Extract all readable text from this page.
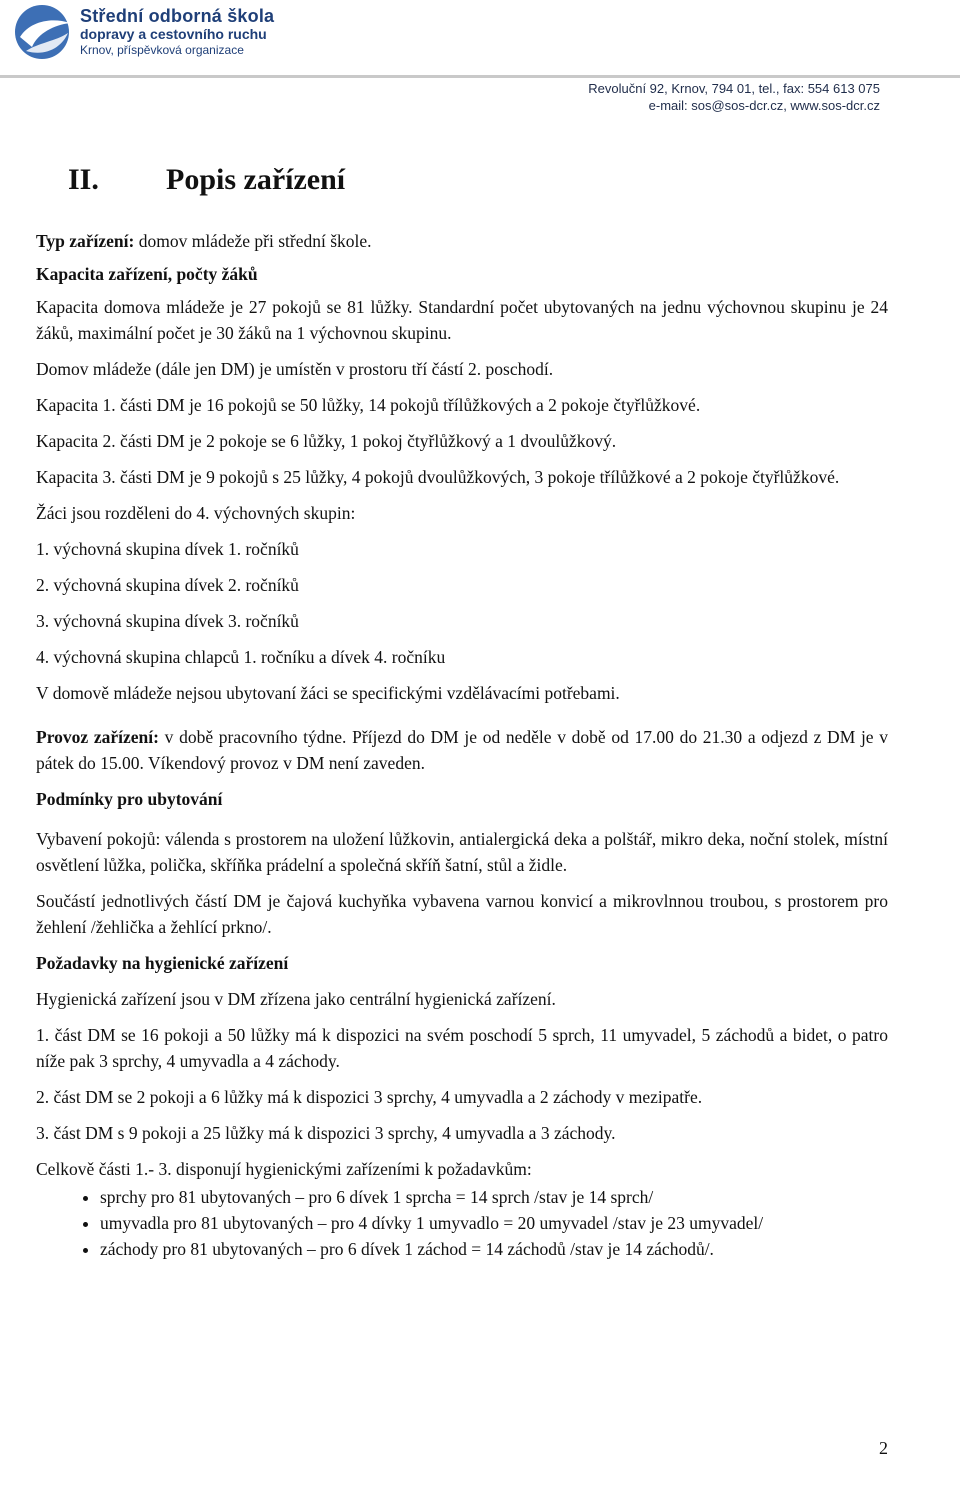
Střední odborná škola
dopravy a cestovního ruchu
Krnov, příspěvková organizace
Revoluční 92, Krnov, 794 01, tel., fax: 554 613 075
e-mail: sos@sos-dcr.cz, www.sos-dcr.cz
II. Popis zařízení

Typ zařízení: domov mládeže při střední škole.

Kapacita zařízení, počty žáků

Kapacita domova mládeže je 27 pokojů se 81 lůžky. Standardní počet ubytovaných na jednu výchovnou skupinu je 24 žáků, maximální počet je 30 žáků na 1 výchovnou skupinu.

Domov mládeže (dále jen DM) je umístěn v prostoru tří částí 2. poschodí.

Kapacita 1. části DM je 16 pokojů se 50 lůžky, 14 pokojů třílůžkových a 2 pokoje čtyřlůžkové.

Kapacita 2. části DM je 2 pokoje se 6 lůžky, 1 pokoj čtyřlůžkový a 1 dvoulůžkový.

Kapacita 3. části DM je 9 pokojů s 25 lůžky, 4 pokojů dvoulůžkových, 3 pokoje třílůžkové a 2 pokoje čtyřlůžkové.

Žáci jsou rozděleni do 4. výchovných skupin:

1. výchovná skupina dívek 1. ročníků

2. výchovná skupina dívek 2. ročníků

3. výchovná skupina dívek 3. ročníků

4. výchovná skupina chlapců 1. ročníku a dívek 4. ročníku

V domově mládeže nejsou ubytovaní žáci se specifickými vzdělávacími potřebami.

Provoz zařízení: v době pracovního týdne. Příjezd do DM je od neděle v době od 17.00 do 21.30 a odjezd z DM je v pátek do 15.00. Víkendový provoz v DM není zaveden.

Podmínky pro ubytování

Vybavení pokojů: válenda s prostorem na uložení lůžkovin, antialergická deka a polštář, mikro deka, noční stolek, místní osvětlení lůžka, polička, skříňka prádelní a společná skříň šatní, stůl a židle.

Součástí jednotlivých částí DM je čajová kuchyňka vybavena varnou konvicí a mikrovlnnou troubou, s prostorem pro žehlení /žehlička a žehlící prkno/.

Požadavky na hygienické zařízení

Hygienická zařízení jsou v DM zřízena jako centrální hygienická zařízení.

1. část DM se 16 pokoji a 50 lůžky má k dispozici na svém poschodí 5 sprch, 11 umyvadel, 5 záchodů a bidet, o patro níže pak 3 sprchy, 4 umyvadla a 4 záchody.

2. část DM se 2 pokoji a 6 lůžky má k dispozici 3 sprchy, 4 umyvadla a 2 záchody v mezipatře.

3. část DM s 9 pokoji a 25 lůžky má k dispozici 3 sprchy, 4 umyvadla a 3 záchody.

Celkově části 1.- 3. disponují hygienickými zařízeními k požadavkům:

• sprchy pro 81 ubytovaných – pro 6 dívek 1 sprcha = 14 sprch /stav je 14 sprch/
• umyvadla pro 81 ubytovaných – pro 4 dívky 1 umyvadlo = 20 umyvadel /stav je 23 umyvadel/
• záchody pro 81 ubytovaných – pro 6 dívek 1 záchod = 14 záchodů /stav je 14 záchodů/.
2
